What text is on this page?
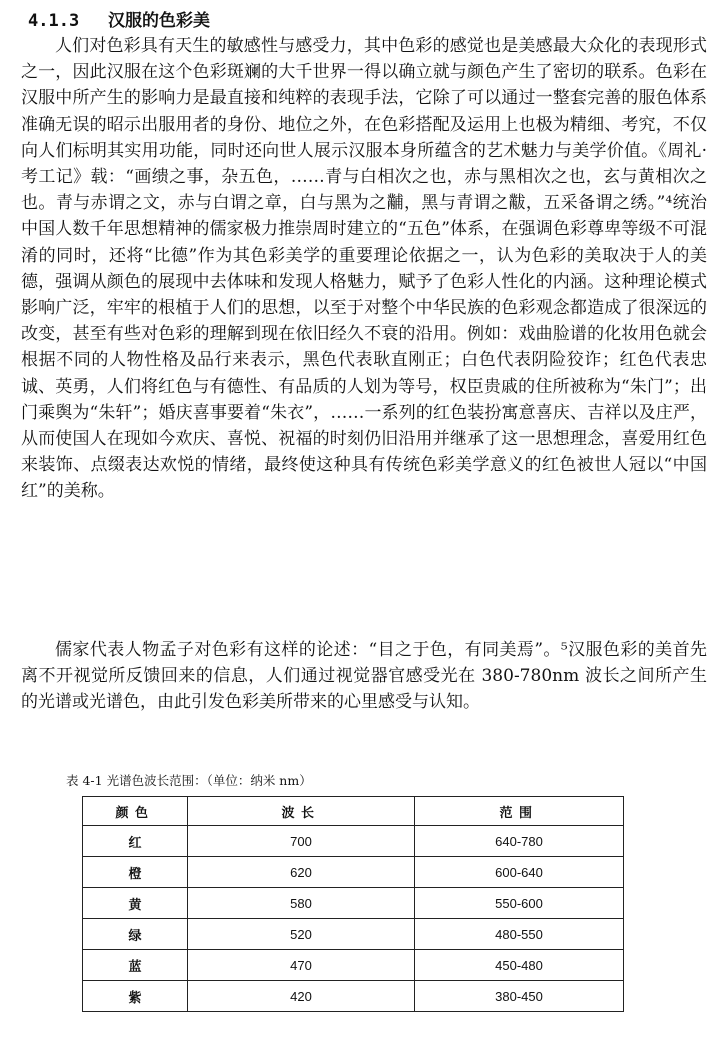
4.1.3 汉服的色彩美

人们对色彩具有天生的敏感性与感受力，其中色彩的感觉也是美感最大众化的表现形式之一，因此汉服在这个色彩斑斓的大千世界一得以确立就与颜色产生了密切的联系。色彩在汉服中所产生的影响力是最直接和纯粹的表现手法，它除了可以通过一整套完善的服色体系准确无误的昭示出服用者的身份、地位之外，在色彩搭配及运用上也极为精细、考究，不仅向人们标明其实用功能，同时还向世人展示汉服本身所蕴含的艺术魅力与美学价值。《周礼·考工记》载：“画缋之事，杂五色，……青与白相次之也，赤与黑相次之也，玄与黄相次之也。青与赤谓之文，赤与白谓之章，白与黑为之黼，黑与青谓之黻，五采备谓之绣。”⁴统治中国人数千年思想精神的儒家极力推崇周时建立的“五色”体系，在强调色彩尊卑等级不可混淆的同时，还将“比德”作为其色彩美学的重要理论依据之一，认为色彩的美取决于人的美德，强调从颜色的展现中去体味和发现人格魅力，赋予了色彩人性化的内涵。这种理论模式影响广泛，牢牢的根植于人们的思想，以至于对整个中华民族的色彩观念都造成了很深远的改变，甚至有些对色彩的理解到现在依旧经久不衰的沿用。例如：戏曲脸谱的化妆用色就会根据不同的人物性格及品行来表示，黑色代表耿直刚正；白色代表阴险狡诈；红色代表忠诚、英勇，人们将红色与有德性、有品质的人划为等号，权臣贵戚的住所被称为“朱门”；出门乘舆为“朱轩”；婚庆喜事要着“朱衣”，……一系列的红色装扮寓意喜庆、吉祥以及庄严，从而使国人在现如今欢庆、喜悦、祝福的时刻仍旧沿用并继承了这一思想理念，喜爱用红色来装饰、点缀表达欢悦的情绪，最终使这种具有传统色彩美学意义的红色被世人冠以“中国红”的美称。

儒家代表人物孟子对色彩有这样的论述：“目之于色，有同美焉”。⁵汉服色彩的美首先离不开视觉所反馈回来的信息，人们通过视觉器官感受光在 380-780nm 波长之间所产生的光谱或光谱色，由此引发色彩美所带来的心里感受与认知。

表 4-1 光谱色波长范围：（单位：纳米 nm）
颜色	波长	范围
红	700	640-780
橙	620	600-640
黄	580	550-600
绿	520	480-550
蓝	470	450-480
紫	420	380-450
